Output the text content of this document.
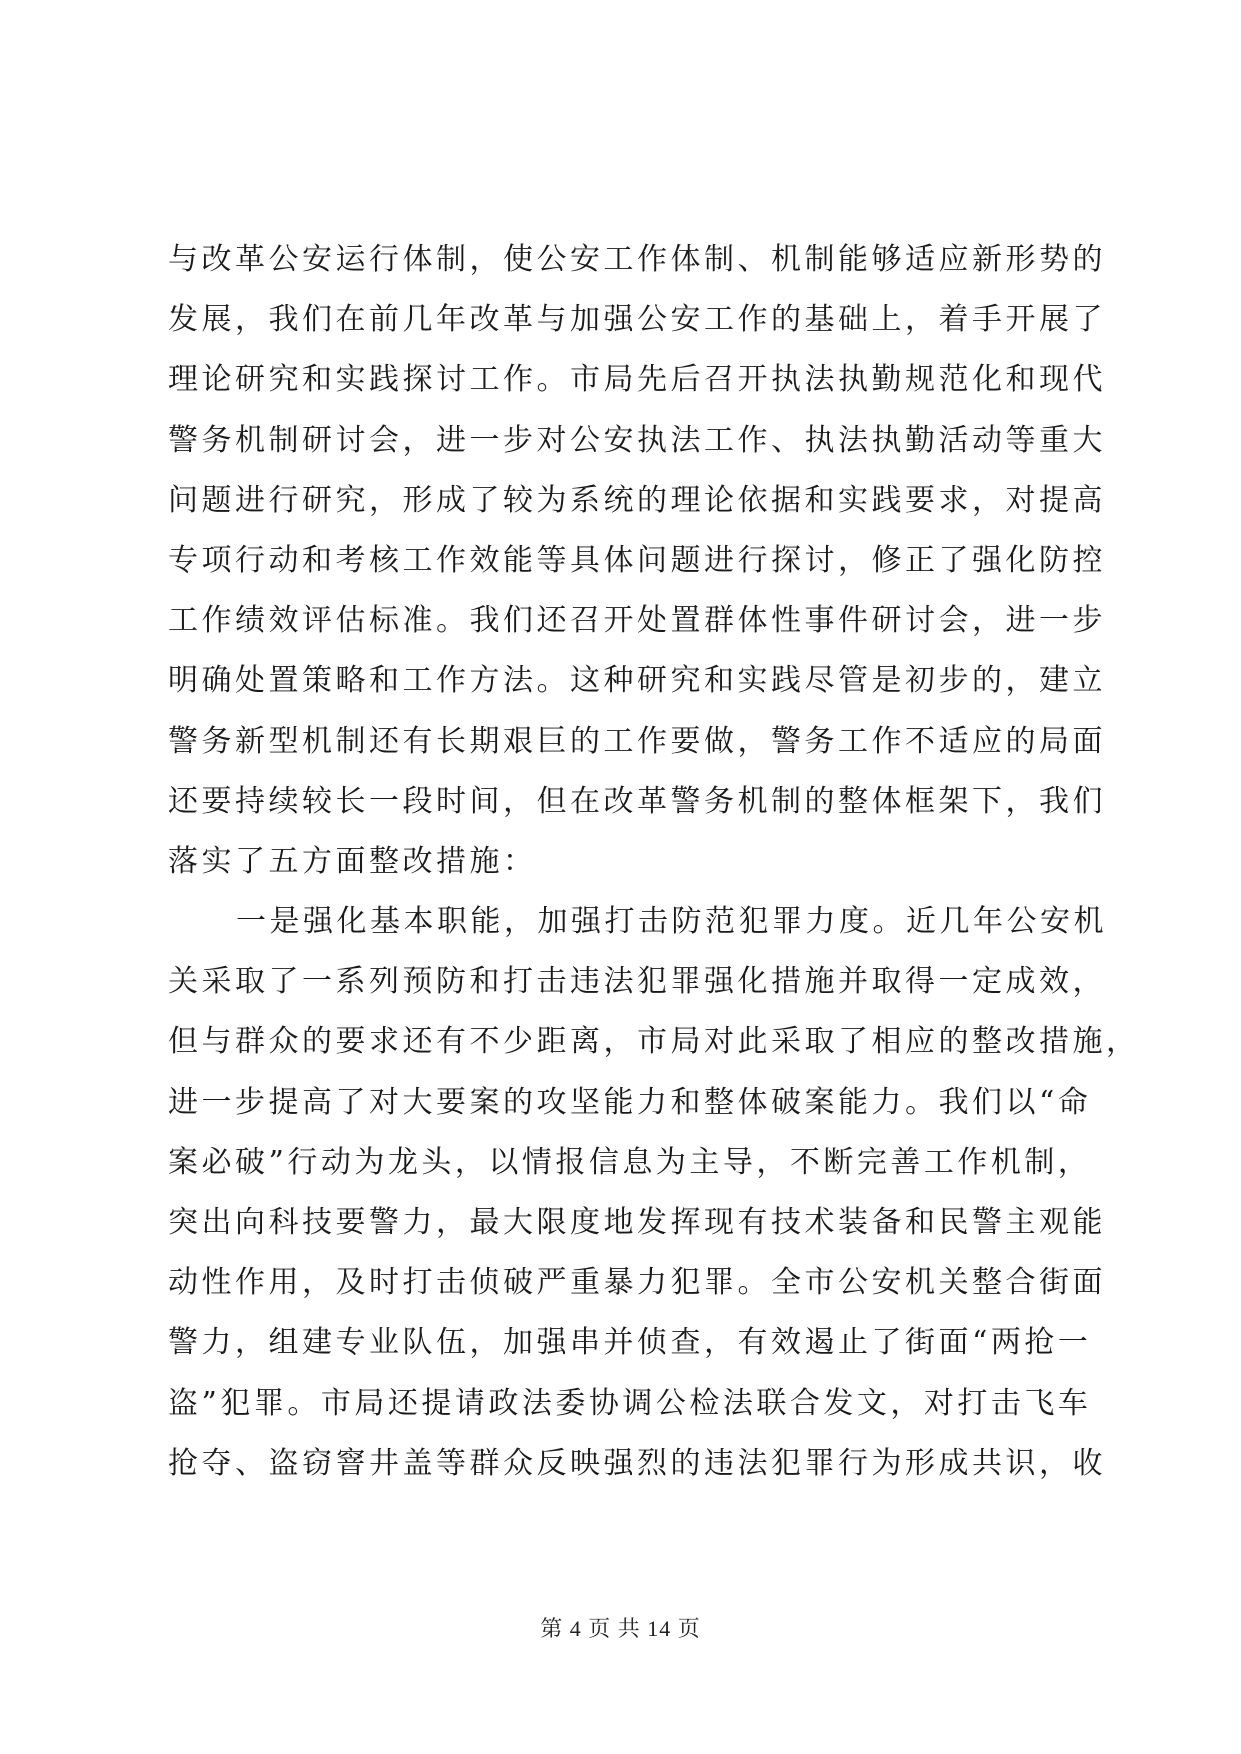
与改革公安运行体制，使公安工作体制、机制能够适应新形势的
发展，我们在前几年改革与加强公安工作的基础上，着手开展了
理论研究和实践探讨工作。市局先后召开执法执勤规范化和现代
警务机制研讨会，进一步对公安执法工作、执法执勤活动等重大
问题进行研究，形成了较为系统的理论依据和实践要求，对提高
专项行动和考核工作效能等具体问题进行探讨，修正了强化防控
工作绩效评估标准。我们还召开处置群体性事件研讨会，进一步
明确处置策略和工作方法。这种研究和实践尽管是初步的，建立
警务新型机制还有长期艰巨的工作要做，警务工作不适应的局面
还要持续较长一段时间，但在改革警务机制的整体框架下，我们
落实了五方面整改措施：
一是强化基本职能，加强打击防范犯罪力度。近几年公安机
关采取了一系列预防和打击违法犯罪强化措施并取得一定成效，
但与群众的要求还有不少距离，市局对此采取了相应的整改措施，
进一步提高了对大要案的攻坚能力和整体破案能力。我们以“命
案必破”行动为龙头，以情报信息为主导，不断完善工作机制，
突出向科技要警力，最大限度地发挥现有技术装备和民警主观能
动性作用，及时打击侦破严重暴力犯罪。全市公安机关整合街面
警力，组建专业队伍，加强串并侦查，有效遏止了街面“两抢一
盗”犯罪。市局还提请政法委协调公检法联合发文，对打击飞车
抢夺、盗窃窨井盖等群众反映强烈的违法犯罪行为形成共识，收
第 4 页 共 14 页
